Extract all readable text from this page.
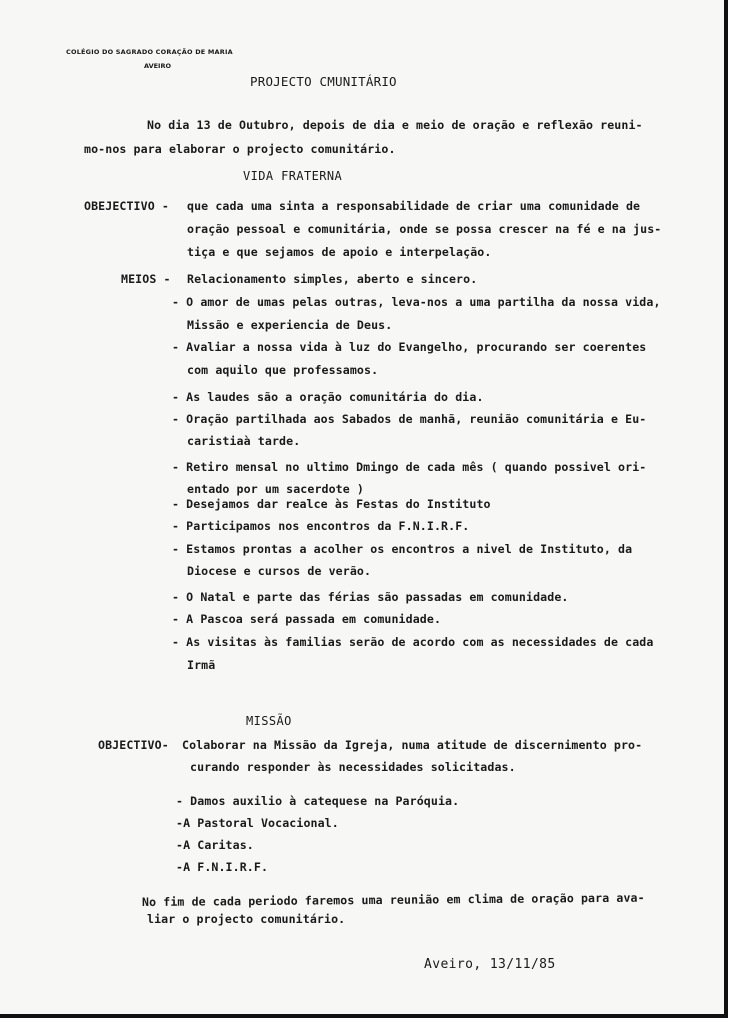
COLÉGIO DO SAGRADO CORAÇÃO DE MARIA
AVEIRO
PROJECTO CMUNITÁRIO
No dia 13 de Outubro, depois de dia e meio de oração e reflexão reuni-
mo-nos para elaborar o projecto comunitário.
VIDA FRATERNA
OBEJECTIVO - que cada uma sinta a responsabilidade de criar uma comunidade de
oração pessoal e comunitária, onde se possa crescer na fé e na jus-
tiça e que sejamos de apoio e interpelação.
MEIOS - Relacionamento simples, aberto e sincero.
- O amor de umas pelas outras, leva-nos a uma partilha da nossa vida,
Missão e experiencia de Deus.
- Avaliar a nossa vida à luz do Evangelho, procurando ser coerentes
com aquilo que professamos.
- As laudes são a oração comunitária do dia.
- Oração partilhada aos Sabados de manhã, reunião comunitária e Eu-
caristiaà tarde.
- Retiro mensal no ultimo Dmingo de cada mês ( quando possivel ori-
entado por um sacerdote )
- Desejamos dar realce às Festas do Instituto
- Participamos nos encontros da F.N.I.R.F.
- Estamos prontas a acolher os encontros a nivel de Instituto, da
Diocese e cursos de verão.
- O Natal e parte das férias são passadas em comunidade.
- A Pascoa será passada em comunidade.
- As visitas às familias serão de acordo com as necessidades de cada
Irmã
MISSÃO
OBJECTIVO- Colaborar na Missão da Igreja, numa atitude de discernimento pro-
curando responder às necessidades solicitadas.
- Damos auxilio à catequese na Paróquia.
-A Pastoral Vocacional.
-A Caritas.
-A F.N.I.R.F.
No fim de cada periodo faremos uma reunião em clima de oração para ava-
liar o projecto comunitário.
Aveiro, 13/11/85
